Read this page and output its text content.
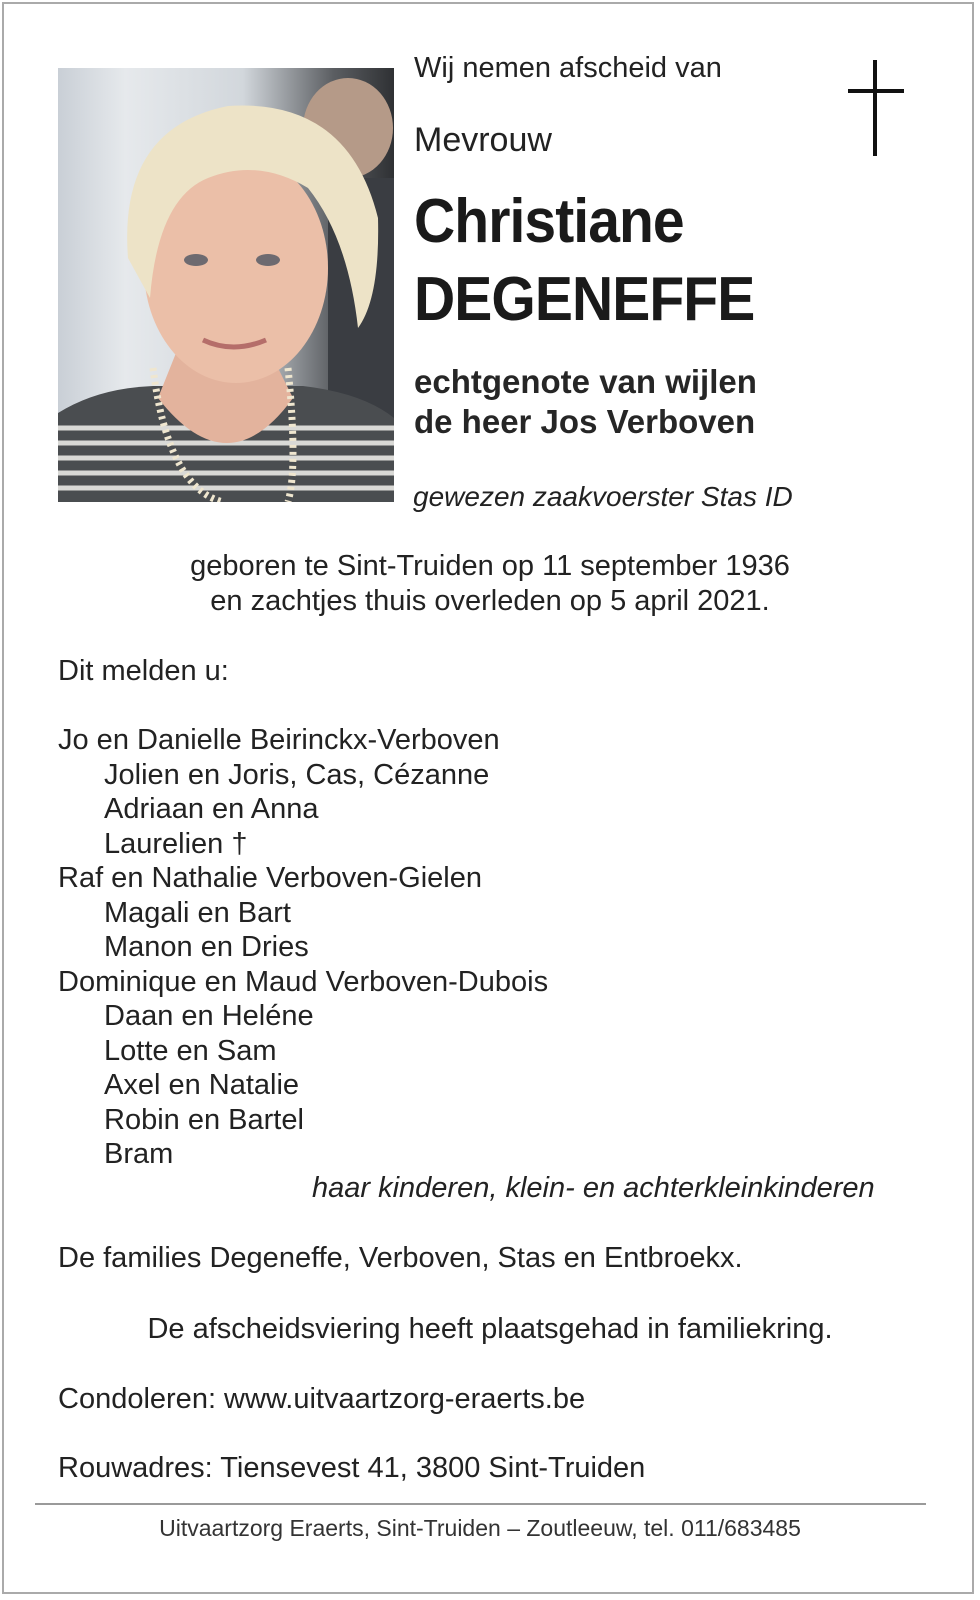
Wij nemen afscheid van
Mevrouw
Christiane
DEGENEFFE
echtgenote van wijlen
de heer Jos Verboven
gewezen zaakvoerster Stas ID
geboren te Sint-Truiden op 11 september 1936
en zachtjes thuis overleden op 5 april 2021.
Dit melden u:
Jo en Danielle Beirinckx-Verboven
Jolien en Joris, Cas, Cézanne
Adriaan en Anna
Laurelien †
Raf en Nathalie Verboven-Gielen
Magali en Bart
Manon en Dries
Dominique en Maud Verboven-Dubois
Daan en Heléne
Lotte en Sam
Axel en Natalie
Robin en Bartel
Bram
haar kinderen, klein- en achterkleinkinderen
De families Degeneffe, Verboven, Stas en Entbroekx.
De afscheidsviering heeft plaatsgehad in familiekring.
Condoleren: www.uitvaartzorg-eraerts.be
Rouwadres: Tiensevest 41, 3800 Sint-Truiden
Uitvaartzorg Eraerts, Sint-Truiden – Zoutleeuw, tel. 011/683485
